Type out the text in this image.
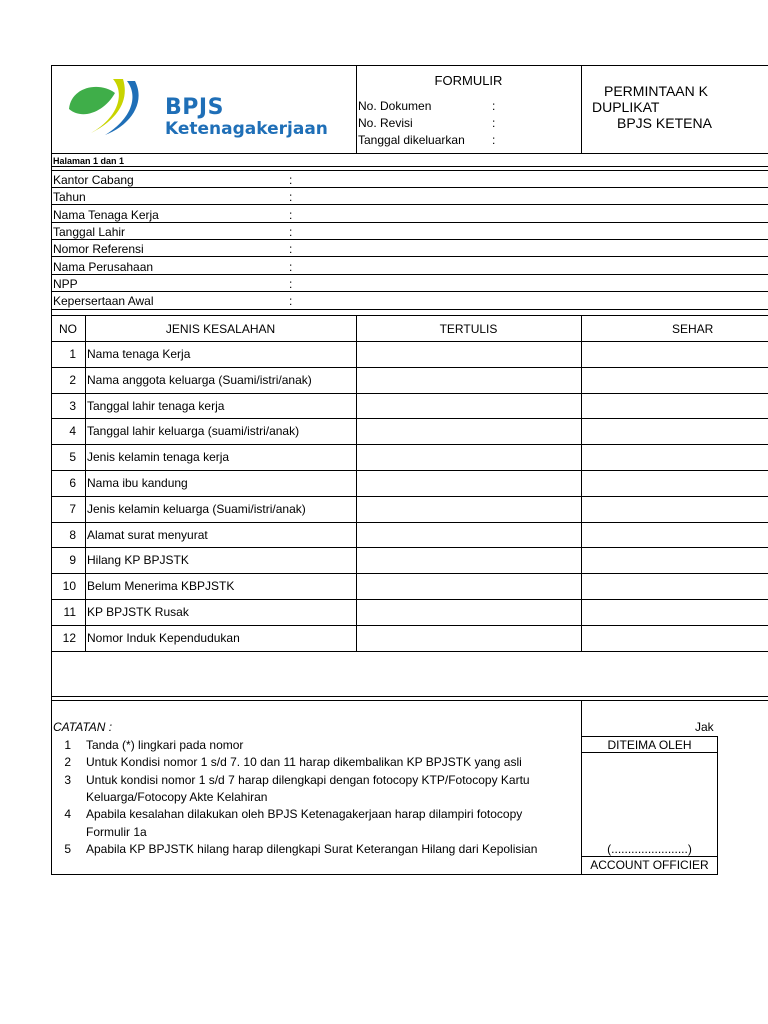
BPJS
Ketenagakerjaan
FORMULIR
No. Dokumen	:
No. Revisi	:
Tanggal dikeluarkan :
PERMINTAAN K
DUPLIKAT
BPJS KETENA
Halaman 1 dan 1
Kantor Cabang	:
Tahun	:
Nama Tenaga Kerja	:
Tanggal Lahir	:
Nomor Referensi	:
Nama Perusahaan	:
NPP	:
Kepersertaan Awal	:
NO	JENIS KESALAHAN	TERTULIS	SEHAR
1 Nama tenaga Kerja
2 Nama anggota keluarga (Suami/istri/anak)
3 Tanggal lahir tenaga kerja
4 Tanggal lahir keluarga (suami/istri/anak)
5 Jenis kelamin tenaga kerja
6 Nama ibu kandung
7 Jenis kelamin keluarga (Suami/istri/anak)
8 Alamat surat menyurat
9 Hilang KP BPJSTK
10 Belum Menerima KBPJSTK
11 KP BPJSTK Rusak
12 Nomor Induk Kependudukan
CATATAN :
1 Tanda (*) lingkari pada nomor
2 Untuk Kondisi nomor 1 s/d 7. 10 dan 11 harap dikembalikan KP BPJSTK yang asli
3 Untuk kondisi nomor 1 s/d 7 harap dilengkapi dengan fotocopy KTP/Fotocopy Kartu
Keluarga/Fotocopy Akte Kelahiran
4 Apabila kesalahan dilakukan oleh BPJS Ketenagakerjaan harap dilampiri fotocopy
Formulir 1a
5 Apabila KP BPJSTK hilang harap dilengkapi Surat Keterangan Hilang dari Kepolisian
Jak
DITEIMA OLEH
(.......................)
ACCOUNT OFFICIER
